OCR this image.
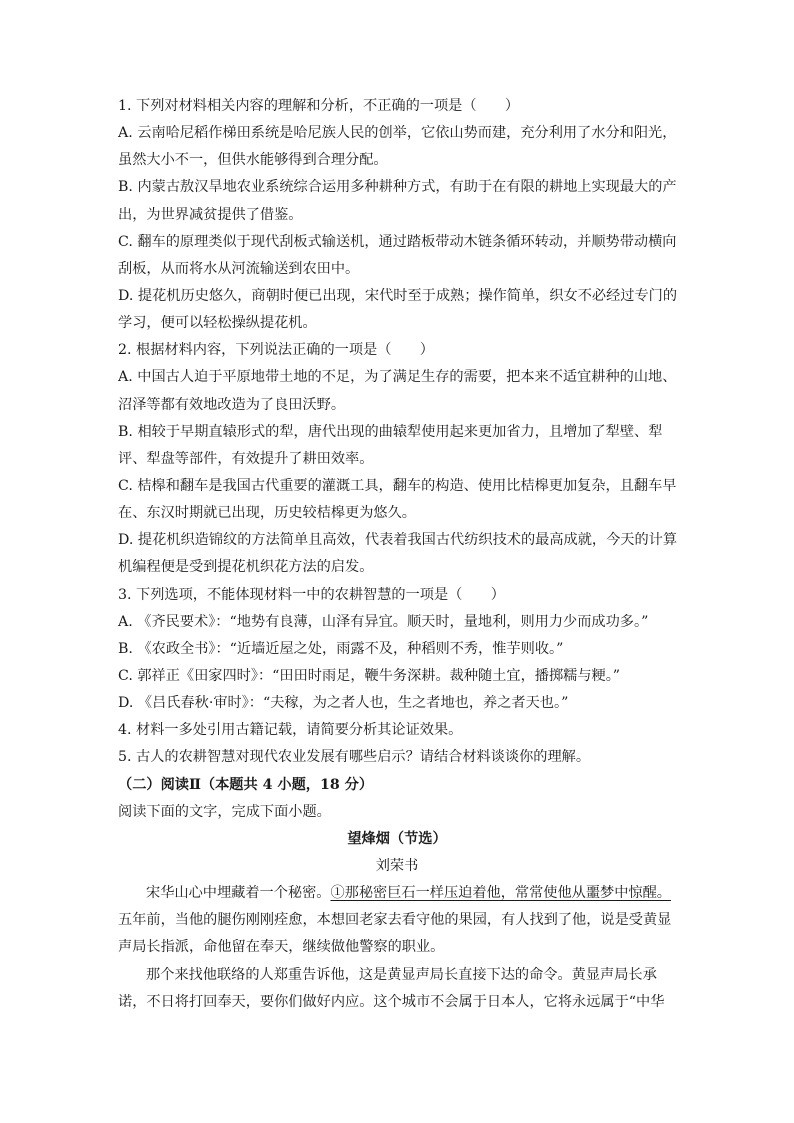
1. 下列对材料相关内容的理解和分析，不正确的一项是（　　）
A. 云南哈尼稻作梯田系统是哈尼族人民的创举，它依山势而建，充分利用了水分和阳光，
虽然大小不一，但供水能够得到合理分配。
B. 内蒙古敖汉旱地农业系统综合运用多种耕种方式，有助于在有限的耕地上实现最大的产
出，为世界减贫提供了借鉴。
C. 翻车的原理类似于现代刮板式输送机，通过踏板带动木链条循环转动，并顺势带动横向
刮板，从而将水从河流输送到农田中。
D. 提花机历史悠久，商朝时便已出现，宋代时至于成熟；操作简单，织女不必经过专门的
学习，便可以轻松操纵提花机。
2. 根据材料内容，下列说法正确的一项是（　　）
A. 中国古人迫于平原地带土地的不足，为了满足生存的需要，把本来不适宜耕种的山地、
沼泽等都有效地改造为了良田沃野。
B. 相较于早期直辕形式的犁，唐代出现的曲辕犁使用起来更加省力，且增加了犁壁、犁
评、犁盘等部件，有效提升了耕田效率。
C. 桔槔和翻车是我国古代重要的灌溉工具，翻车的构造、使用比桔槔更加复杂，且翻车早
在、东汉时期就已出现，历史较桔槔更为悠久。
D. 提花机织造锦纹的方法简单且高效，代表着我国古代纺织技术的最高成就，今天的计算
机编程便是受到提花机织花方法的启发。
3. 下列选项，不能体现材料一中的农耕智慧的一项是（　　）
A. 《齐民要术》：“地势有良薄，山泽有异宜。顺天时，量地利，则用力少而成功多。”
B. 《农政全书》：“近墙近屋之处，雨露不及，种稻则不秀，惟芋则收。”
C. 郭祥正《田家四时》：“田田时雨足，鞭牛务深耕。裁种随土宜，播掷糯与粳。”
D. 《吕氏春秋·审时》：“夫稼，为之者人也，生之者地也，养之者天也。”
4. 材料一多处引用古籍记载，请简要分析其论证效果。
5. 古人的农耕智慧对现代农业发展有哪些启示？请结合材料谈谈你的理解。
（二）阅读Ⅱ（本题共 4 小题，18 分）
阅读下面的文字，完成下面小题。
望烽烟（节选）
刘荣书
宋华山心中埋藏着一个秘密。①那秘密巨石一样压迫着他，常常使他从噩梦中惊醒。
五年前，当他的腿伤刚刚痊愈，本想回老家去看守他的果园，有人找到了他，说是受黄显
声局长指派，命他留在奉天，继续做他警察的职业。
那个来找他联络的人郑重告诉他，这是黄显声局长直接下达的命令。黄显声局长承
诺，不日将打回奉天，要你们做好内应。这个城市不会属于日本人，它将永远属于“中华
